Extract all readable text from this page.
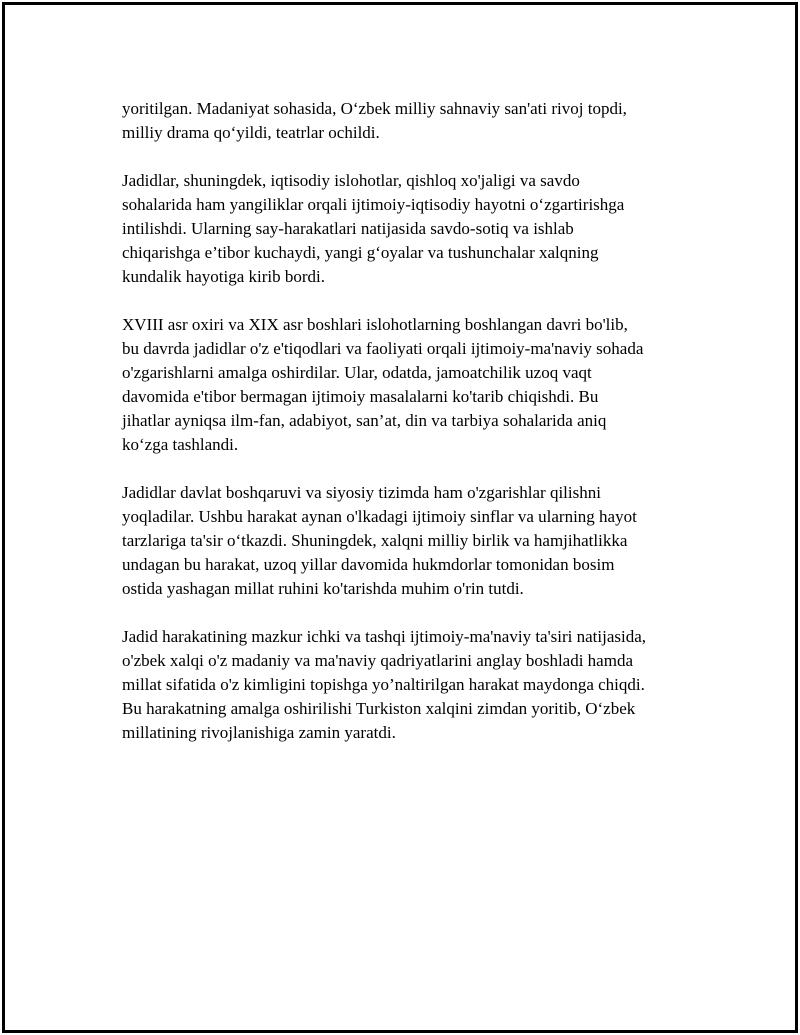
yoritilgan. Madaniyat sohasida, O‘zbek milliy sahnaviy san'ati rivoj topdi,
milliy drama qo‘yildi, teatrlar ochildi.

Jadidlar, shuningdek, iqtisodiy islohotlar, qishloq xo'jaligi va savdo
sohalarida ham yangiliklar orqali ijtimoiy-iqtisodiy hayotni o‘zgartirishga
intilishdi. Ularning say-harakatlari natijasida savdo-sotiq va ishlab
chiqarishga e’tibor kuchaydi, yangi g‘oyalar va tushunchalar xalqning
kundalik hayotiga kirib bordi.

XVIII asr oxiri va XIX asr boshlari islohotlarning boshlangan davri bo'lib,
bu davrda jadidlar o'z e'tiqodlari va faoliyati orqali ijtimoiy-ma'naviy sohada
o'zgarishlarni amalga oshirdilar. Ular, odatda, jamoatchilik uzoq vaqt
davomida e'tibor bermagan ijtimoiy masalalarni ko'tarib chiqishdi. Bu
jihatlar ayniqsa ilm-fan, adabiyot, san’at, din va tarbiya sohalarida aniq
ko‘zga tashlandi.

Jadidlar davlat boshqaruvi va siyosiy tizimda ham o'zgarishlar qilishni
yoqladilar. Ushbu harakat aynan o'lkadagi ijtimoiy sinflar va ularning hayot
tarzlariga ta'sir o‘tkazdi. Shuningdek, xalqni milliy birlik va hamjihatlikka
undagan bu harakat, uzoq yillar davomida hukmdorlar tomonidan bosim
ostida yashagan millat ruhini ko'tarishda muhim o'rin tutdi.

Jadid harakatining mazkur ichki va tashqi ijtimoiy-ma'naviy ta'siri natijasida,
o'zbek xalqi o'z madaniy va ma'naviy qadriyatlarini anglay boshladi hamda
millat sifatida o'z kimligini topishga yo’naltirilgan harakat maydonga chiqdi.
Bu harakatning amalga oshirilishi Turkiston xalqini zimdan yoritib, O‘zbek
millatining rivojlanishiga zamin yaratdi.
